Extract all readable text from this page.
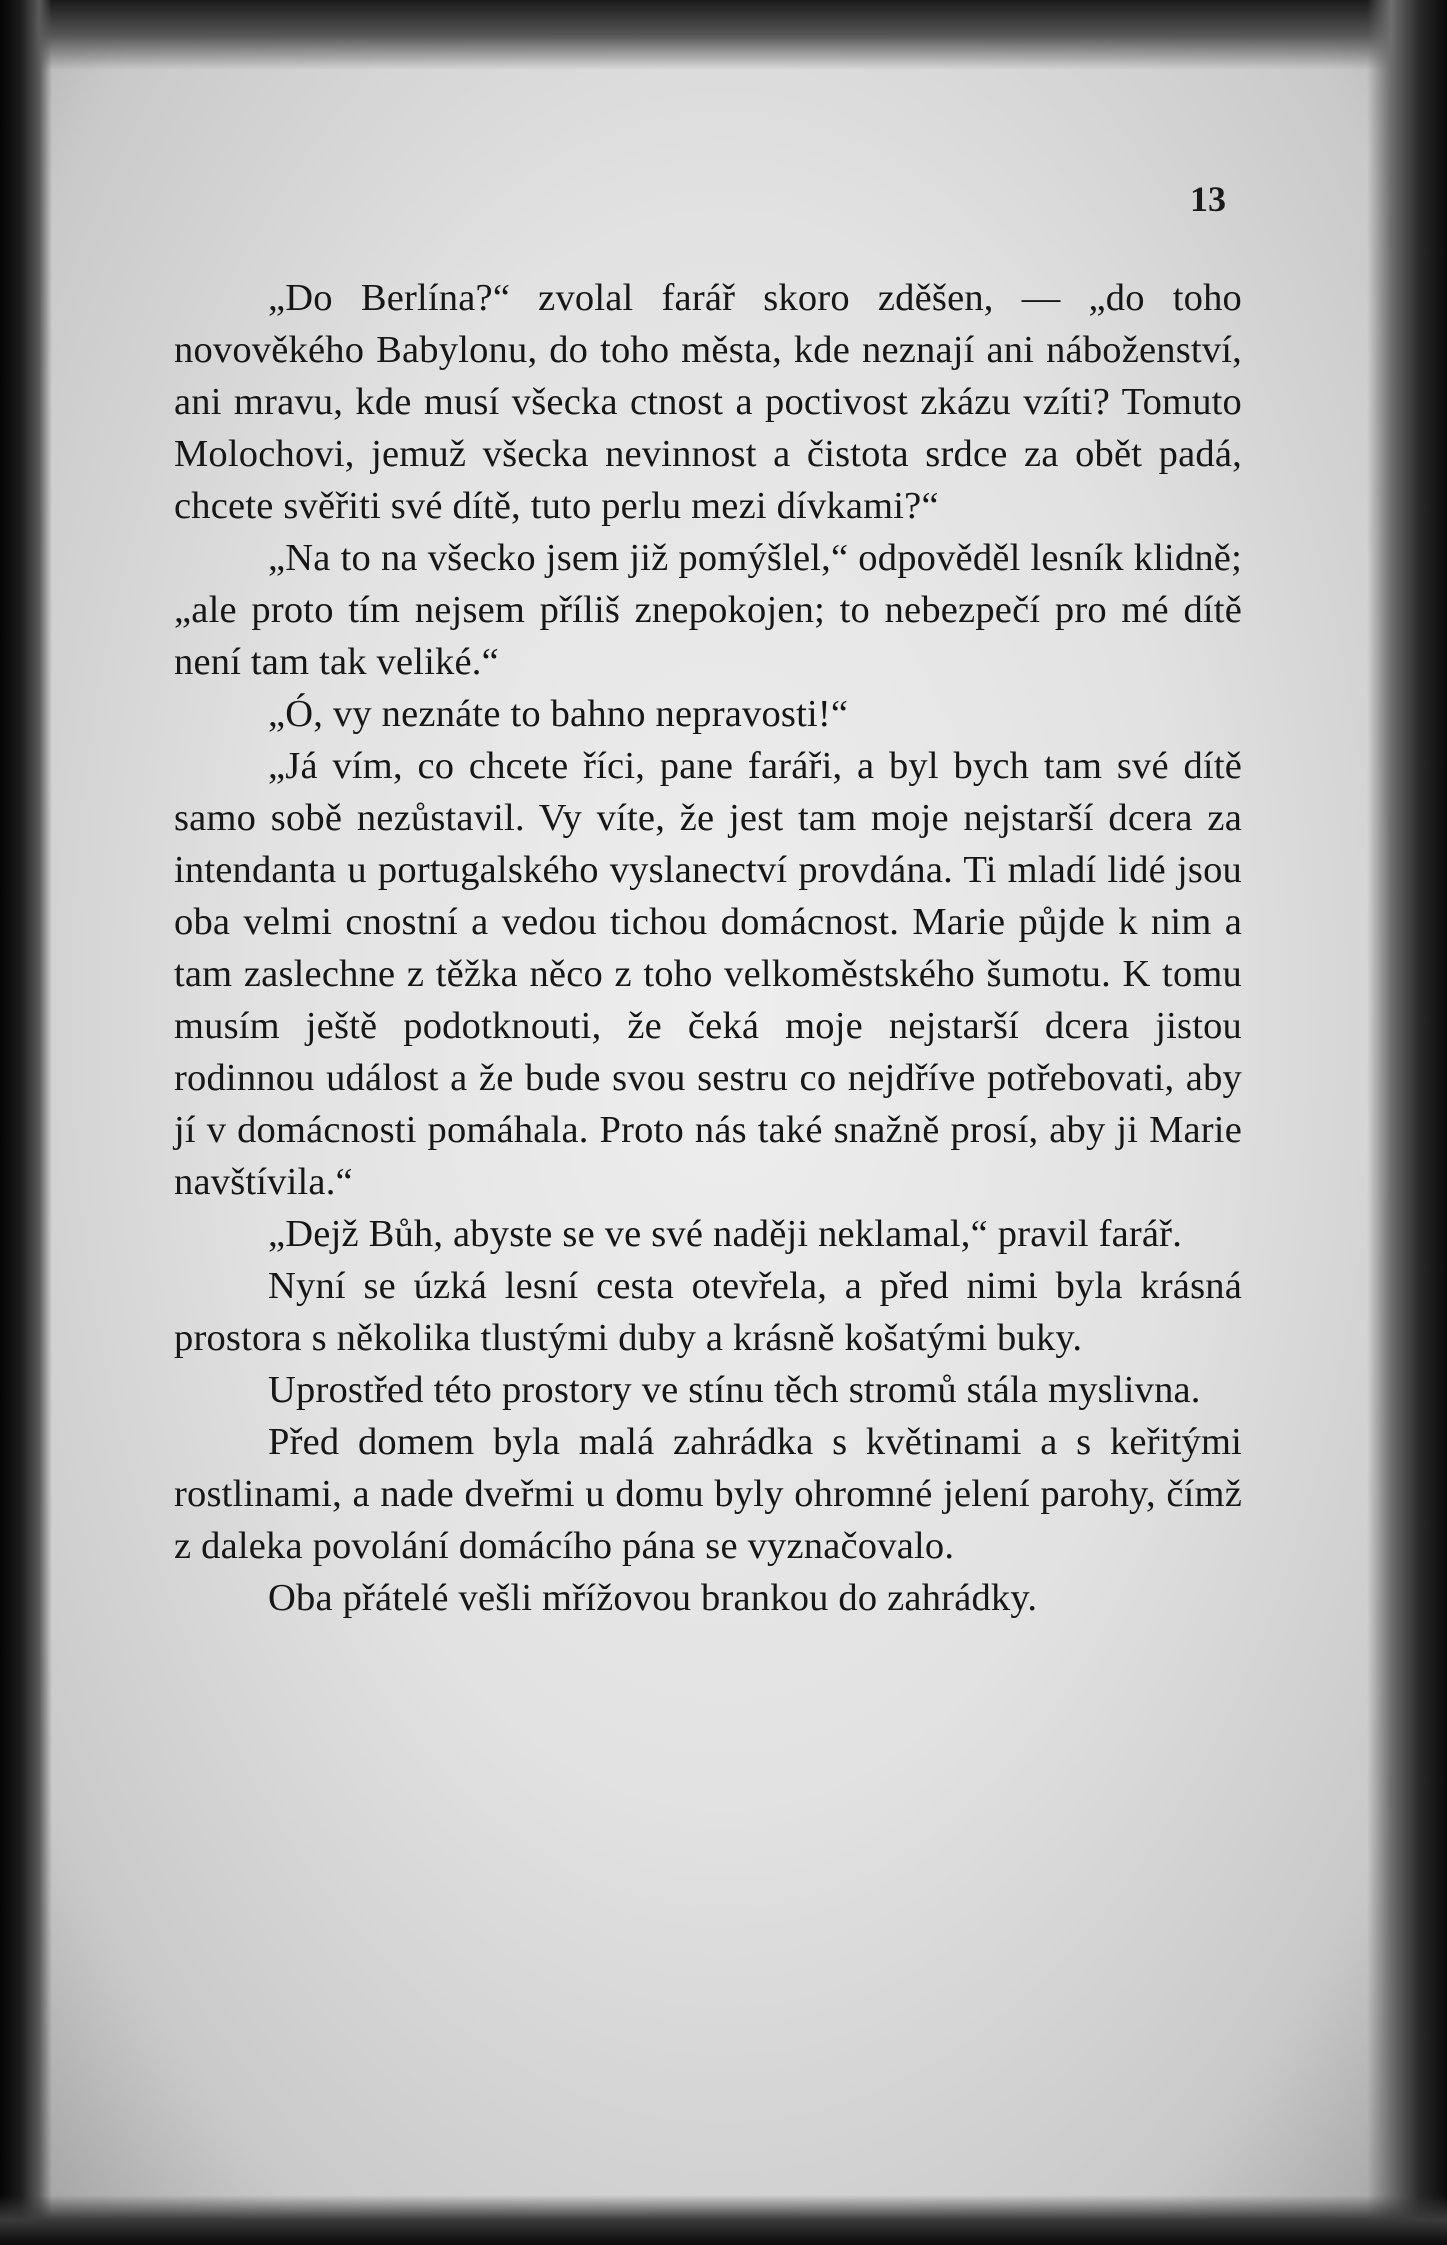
13

„Do Berlína?“ zvolal farář skoro zděšen, — „do toho novověkého Babylonu, do toho města, kde neznají ani náboženství, ani mravu, kde musí všecka ctnost a poctivost zkázu vzíti? Tomuto Molochovi, jemuž všecka nevinnost a čistota srdce za obět padá, chcete svěřiti své dítě, tuto perlu mezi dívkami?“

„Na to na všecko jsem již pomýšlel,“ odpověděl lesník klidně; „ale proto tím nejsem příliš znepokojen; to nebezpečí pro mé dítě není tam tak veliké.“

„Ó, vy neznáte to bahno nepravosti!“

„Já vím, co chcete říci, pane faráři, a byl bych tam své dítě samo sobě nezůstavil. Vy víte, že jest tam moje nejstarší dcera za intendanta u portugalského vyslanectví provdána. Ti mladí lidé jsou oba velmi cnostní a vedou tichou domácnost. Marie půjde k nim a tam zaslechne z těžka něco z toho velkoměstského šumotu. K tomu musím ještě podotknouti, že čeká moje nejstarší dcera jistou rodinnou událost a že bude svou sestru co nejdříve potřebovati, aby jí v domácnosti pomáhala. Proto nás také snažně prosí, aby ji Marie navštívila.“

„Dejž Bůh, abyste se ve své naději neklamal,“ pravil farář.

Nyní se úzká lesní cesta otevřela, a před nimi byla krásná prostora s několika tlustými duby a krásně košatými buky.

Uprostřed této prostory ve stínu těch stromů stála myslivna.

Před domem byla malá zahrádka s květinami a s keřitými rostlinami, a nade dveřmi u domu byly ohromné jelení parohy, čímž z daleka povolání domácího pána se vyznačovalo.

Oba přátelé vešli mřížovou brankou do zahrádky.
